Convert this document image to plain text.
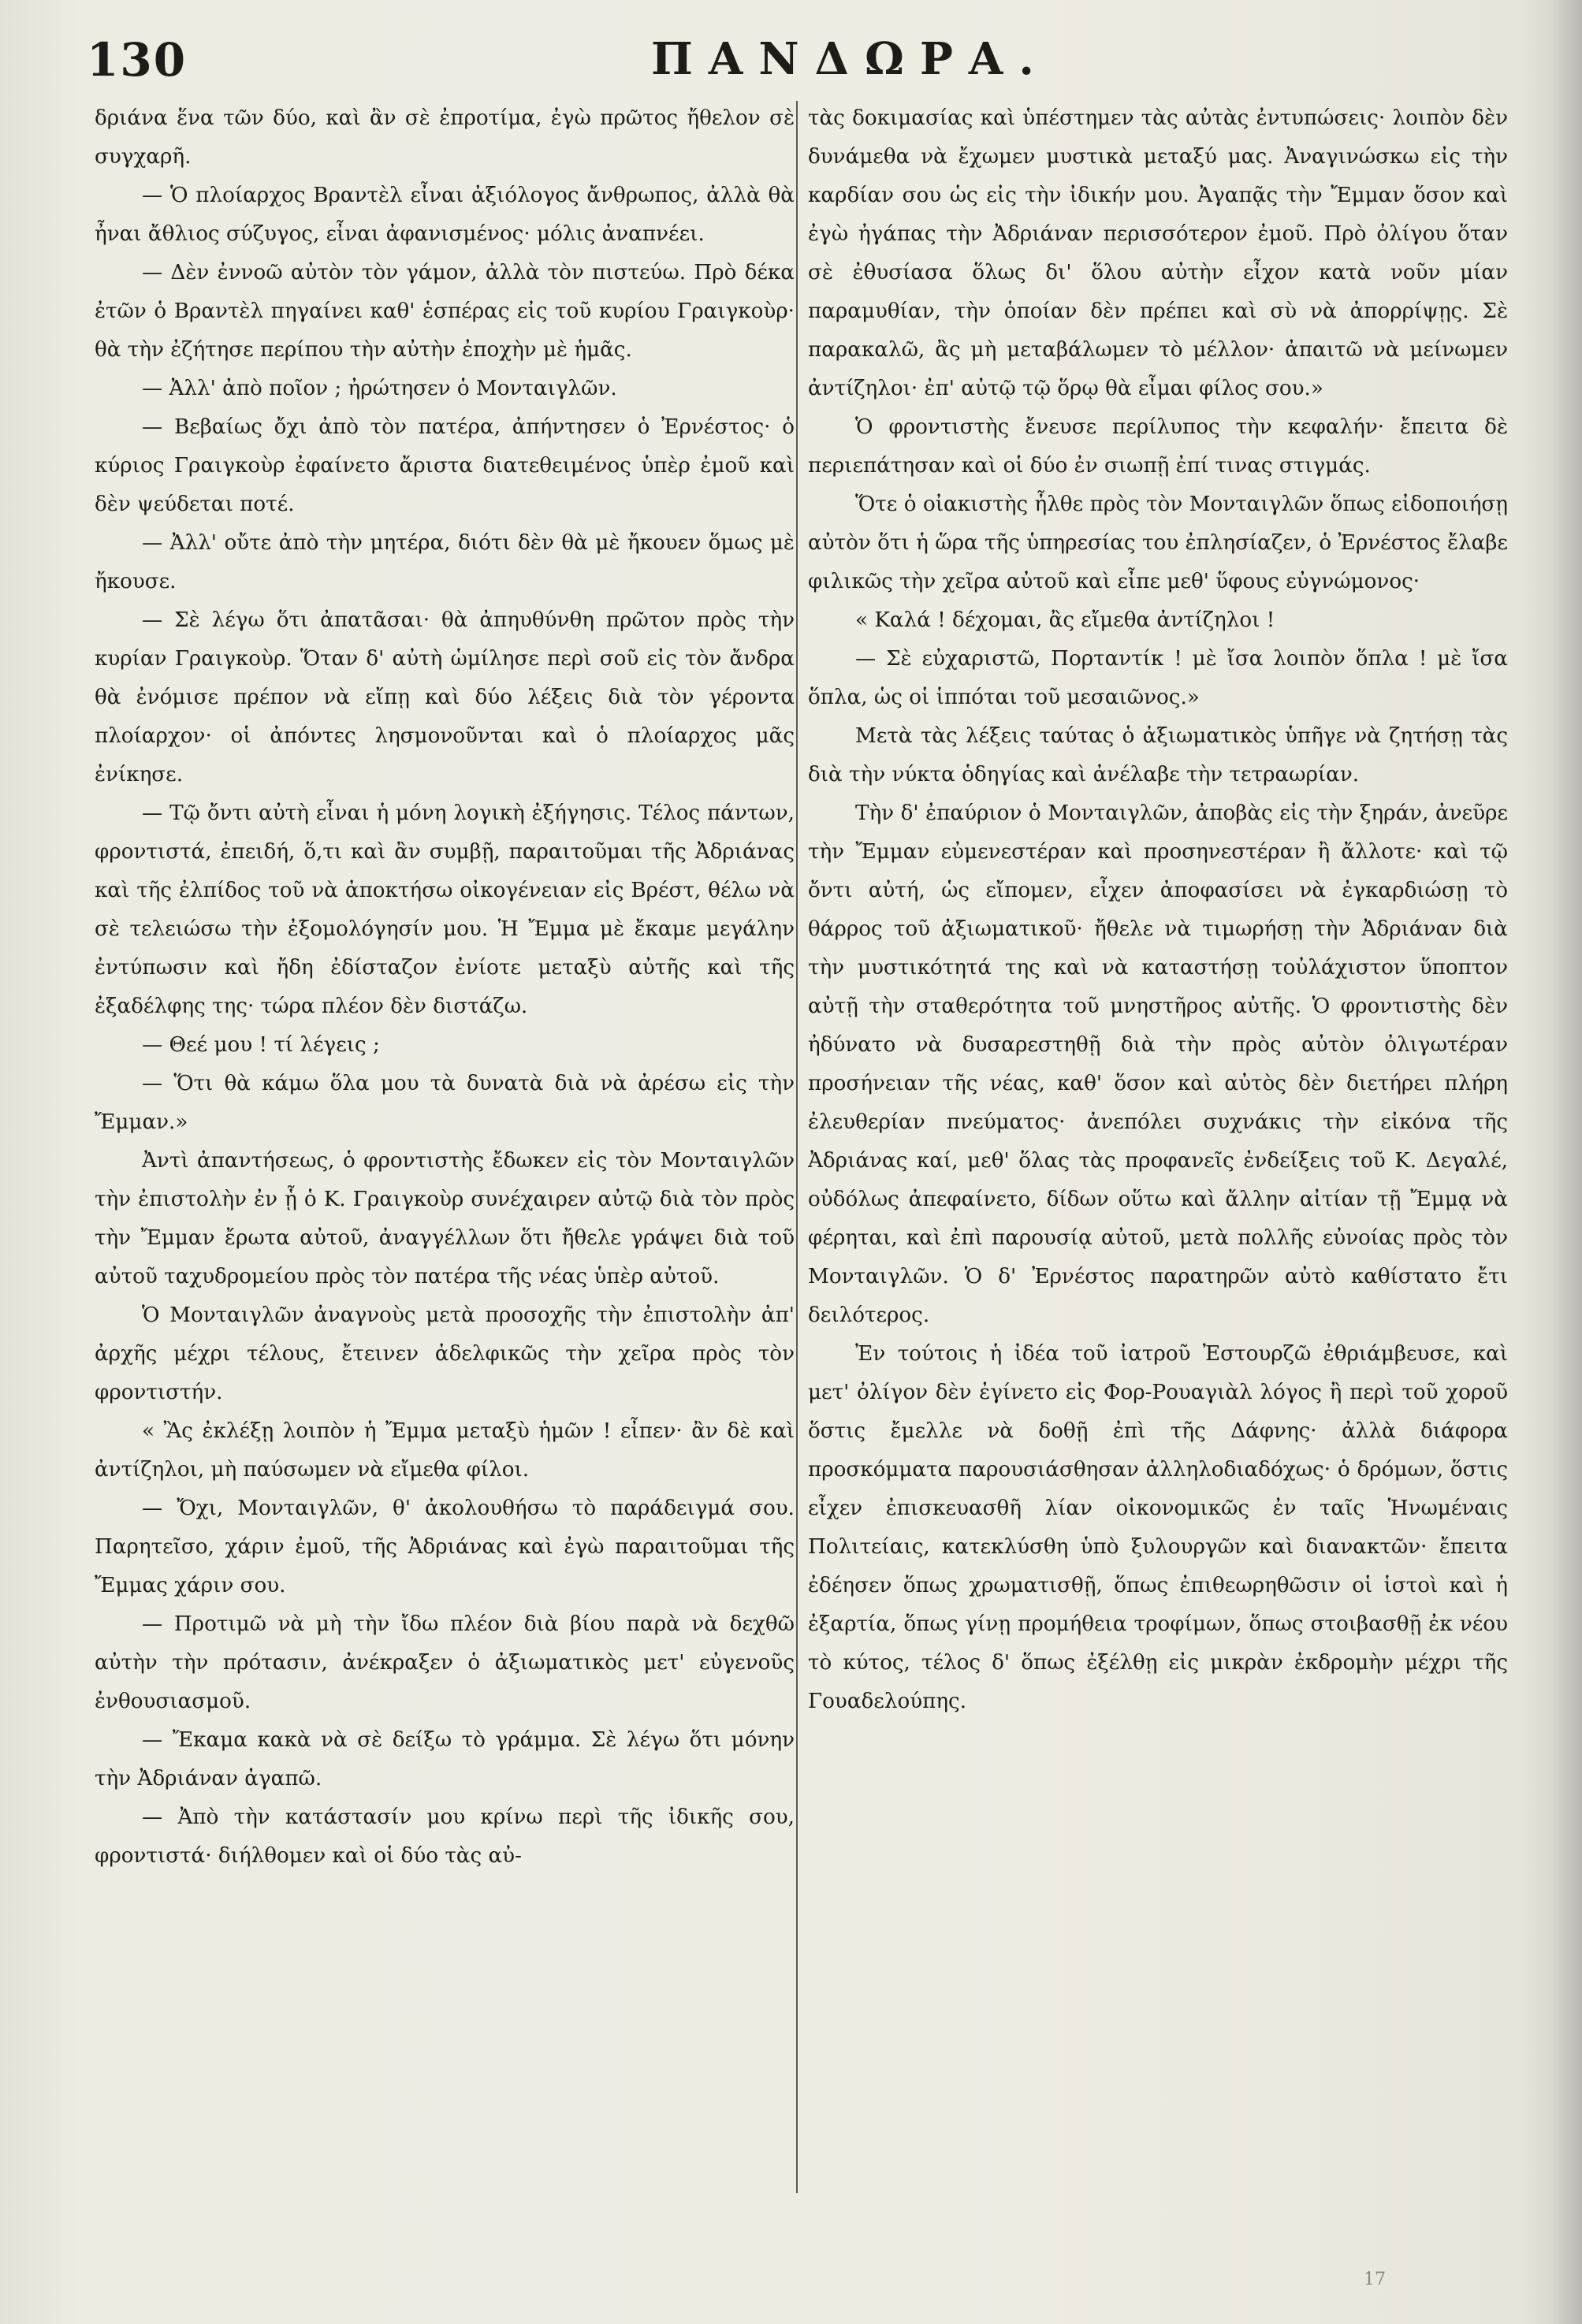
130	ΠΑΝΔΩΡΑ.

δριάνα ἕνα τῶν δύο, καὶ ἂν σὲ ἐπροτίμα, ἐγὼ πρῶτος ἤθελον σὲ συγχαρῆ.

— Ὁ πλοίαρχος Βραντὲλ εἶναι ἀξιόλογος ἄνθρωπος, ἀλλὰ θὰ ἦναι ἄθλιος σύζυγος, εἶναι ἀφανισμένος· μόλις ἀναπνέει.

— Δὲν ἐννοῶ αὐτὸν τὸν γάμον, ἀλλὰ τὸν πιστεύω. Πρὸ δέκα ἐτῶν ὁ Βραντὲλ πηγαίνει καθ' ἑσπέρας εἰς τοῦ κυρίου Γραιγκοὺρ· θὰ τὴν ἐζήτησε περίπου τὴν αὐτὴν ἐποχὴν μὲ ἡμᾶς.

— Ἀλλ' ἀπὸ ποῖον ; ἠρώτησεν ὁ Μονταιγλῶν.

— Βεβαίως ὄχι ἀπὸ τὸν πατέρα, ἀπήντησεν ὁ Ἐρνέστος· ὁ κύριος Γραιγκοὺρ ἐφαίνετο ἄριστα διατεθειμένος ὑπὲρ ἐμοῦ καὶ δὲν ψεύδεται ποτέ.

— Ἀλλ' οὔτε ἀπὸ τὴν μητέρα, διότι δὲν θὰ μὲ ἤκουεν ὅμως μὲ ἤκουσε.

— Σὲ λέγω ὅτι ἀπατᾶσαι· θὰ ἀπηυθύνθη πρῶτον πρὸς τὴν κυρίαν Γραιγκοὺρ. Ὅταν δ' αὐτὴ ὡμίλησε περὶ σοῦ εἰς τὸν ἄνδρα θὰ ἐνόμισε πρέπον νὰ εἴπῃ καὶ δύο λέξεις διὰ τὸν γέροντα πλοίαρχον· οἱ ἀπόντες λησμονοῦνται καὶ ὁ πλοίαρχος μᾶς ἐνίκησε.

— Τῷ ὄντι αὐτὴ εἶναι ἡ μόνη λογικὴ ἐξήγησις. Τέλος πάντων, φροντιστά, ἐπειδή, ὅ,τι καὶ ἂν συμβῇ, παραιτοῦμαι τῆς Ἀδριάνας καὶ τῆς ἐλπίδος τοῦ νὰ ἀποκτήσω οἰκογένειαν εἰς Βρέστ, θέλω νὰ σὲ τελειώσω τὴν ἐξομολόγησίν μου. Ἡ Ἔμμα μὲ ἔκαμε μεγάλην ἐντύπωσιν καὶ ἤδη ἐδίσταζον ἐνίοτε μεταξὺ αὐτῆς καὶ τῆς ἐξαδέλφης της· τώρα πλέον δὲν διστάζω.

— Θεέ μου ! τί λέγεις ;

— Ὅτι θὰ κάμω ὅλα μου τὰ δυνατὰ διὰ νὰ ἀρέσω εἰς τὴν Ἔμμαν.»

Ἀντὶ ἀπαντήσεως, ὁ φροντιστὴς ἔδωκεν εἰς τὸν Μονταιγλῶν τὴν ἐπιστολὴν ἐν ᾗ ὁ Κ. Γραιγκοὺρ συνέχαιρεν αὐτῷ διὰ τὸν πρὸς τὴν Ἔμμαν ἔρωτα αὐτοῦ, ἀναγγέλλων ὅτι ἤθελε γράψει διὰ τοῦ αὐτοῦ ταχυδρομείου πρὸς τὸν πατέρα τῆς νέας ὑπὲρ αὐτοῦ.

Ὁ Μονταιγλῶν ἀναγνοὺς μετὰ προσοχῆς τὴν ἐπιστολὴν ἀπ' ἀρχῆς μέχρι τέλους, ἔτεινεν ἀδελφικῶς τὴν χεῖρα πρὸς τὸν φροντιστήν.

« Ἂς ἐκλέξῃ λοιπὸν ἡ Ἔμμα μεταξὺ ἡμῶν ! εἶπεν· ἂν δὲ καὶ ἀντίζηλοι, μὴ παύσωμεν νὰ εἴμεθα φίλοι.

— Ὄχι, Μονταιγλῶν, θ' ἀκολουθήσω τὸ παράδειγμά σου. Παρητεῖσο, χάριν ἐμοῦ, τῆς Ἀδριάνας καὶ ἐγὼ παραιτοῦμαι τῆς Ἔμμας χάριν σου.

— Προτιμῶ νὰ μὴ τὴν ἴδω πλέον διὰ βίου παρὰ νὰ δεχθῶ αὐτὴν τὴν πρότασιν, ἀνέκραξεν ὁ ἀξιωματικὸς μετ' εὐγενοῦς ἐνθουσιασμοῦ.

— Ἔκαμα κακὰ νὰ σὲ δείξω τὸ γράμμα. Σὲ λέγω ὅτι μόνην τὴν Ἀδριάναν ἀγαπῶ.

— Ἀπὸ τὴν κατάστασίν μου κρίνω περὶ τῆς ἰδικῆς σου, φροντιστά· διήλθομεν καὶ οἱ δύο τὰς αὐ-

τὰς δοκιμασίας καὶ ὑπέστημεν τὰς αὐτὰς ἐντυπώσεις· λοιπὸν δὲν δυνάμεθα νὰ ἔχωμεν μυστικὰ μεταξύ μας. Ἀναγινώσκω εἰς τὴν καρδίαν σου ὡς εἰς τὴν ἰδικήν μου. Ἀγαπᾷς τὴν Ἔμμαν ὅσον καὶ ἐγὼ ἠγάπας τὴν Ἀδριάναν περισσότερον ἐμοῦ. Πρὸ ὀλίγου ὅταν σὲ ἐθυσίασα ὅλως δι' ὅλου αὐτὴν εἶχον κατὰ νοῦν μίαν παραμυθίαν, τὴν ὁποίαν δὲν πρέπει καὶ σὺ νὰ ἀπορρίψῃς. Σὲ παρακαλῶ, ἂς μὴ μεταβάλωμεν τὸ μέλλον· ἀπαιτῶ νὰ μείνωμεν ἀντίζηλοι· ἐπ' αὐτῷ τῷ ὅρῳ θὰ εἶμαι φίλος σου.»

Ὁ φροντιστὴς ἔνευσε περίλυπος τὴν κεφαλήν· ἔπειτα δὲ περιεπάτησαν καὶ οἱ δύο ἐν σιωπῇ ἐπί τινας στιγμάς.

Ὅτε ὁ οἰακιστὴς ἦλθε πρὸς τὸν Μονταιγλῶν ὅπως εἰδοποιήσῃ αὐτὸν ὅτι ἡ ὥρα τῆς ὑπηρεσίας του ἐπλησίαζεν, ὁ Ἐρνέστος ἔλαβε φιλικῶς τὴν χεῖρα αὐτοῦ καὶ εἶπε μεθ' ὕφους εὐγνώμονος·

« Καλά ! δέχομαι, ἂς εἴμεθα ἀντίζηλοι !

— Σὲ εὐχαριστῶ, Πορταντίκ ! μὲ ἴσα λοιπὸν ὅπλα ! μὲ ἴσα ὅπλα, ὡς οἱ ἱππόται τοῦ μεσαιῶνος.»

Μετὰ τὰς λέξεις ταύτας ὁ ἀξιωματικὸς ὑπῆγε νὰ ζητήσῃ τὰς διὰ τὴν νύκτα ὁδηγίας καὶ ἀνέλαβε τὴν τετραωρίαν.

Τὴν δ' ἐπαύριον ὁ Μονταιγλῶν, ἀποβὰς εἰς τὴν ξηράν, ἀνεῦρε τὴν Ἔμμαν εὐμενεστέραν καὶ προσηνεστέραν ἢ ἄλλοτε· καὶ τῷ ὄντι αὐτή, ὡς εἴπομεν, εἶχεν ἀποφασίσει νὰ ἐγκαρδιώσῃ τὸ θάρρος τοῦ ἀξιωματικοῦ· ἤθελε νὰ τιμωρήσῃ τὴν Ἀδριάναν διὰ τὴν μυστικότητά της καὶ νὰ καταστήσῃ τοὐλάχιστον ὕποπτον αὐτῇ τὴν σταθερότητα τοῦ μνηστῆρος αὐτῆς. Ὁ φροντιστὴς δὲν ἠδύνατο νὰ δυσαρεστηθῇ διὰ τὴν πρὸς αὐτὸν ὀλιγωτέραν προσήνειαν τῆς νέας, καθ' ὅσον καὶ αὐτὸς δὲν διετήρει πλήρη ἐλευθερίαν πνεύματος· ἀνεπόλει συχνάκις τὴν εἰκόνα τῆς Ἀδριάνας καί, μεθ' ὅλας τὰς προφανεῖς ἐνδείξεις τοῦ Κ. Δεγαλέ, οὐδόλως ἀπεφαίνετο, δίδων οὕτω καὶ ἄλλην αἰτίαν τῇ Ἔμμᾳ νὰ φέρηται, καὶ ἐπὶ παρουσίᾳ αὐτοῦ, μετὰ πολλῆς εὐνοίας πρὸς τὸν Μονταιγλῶν. Ὁ δ' Ἐρνέστος παρατηρῶν αὐτὸ καθίστατο ἔτι δειλότερος.

Ἐν τούτοις ἡ ἰδέα τοῦ ἰατροῦ Ἐστουρζῶ ἐθριάμβευσε, καὶ μετ' ὀλίγον δὲν ἐγίνετο εἰς Φορ-Ρουαγιὰλ λόγος ἢ περὶ τοῦ χοροῦ ὅστις ἔμελλε νὰ δοθῇ ἐπὶ τῆς Δάφνης· ἀλλὰ διάφορα προσκόμματα παρουσιάσθησαν ἀλληλοδιαδόχως· ὁ δρόμων, ὅστις εἶχεν ἐπισκευασθῆ λίαν οἰκονομικῶς ἐν ταῖς Ἡνωμέναις Πολιτείαις, κατεκλύσθη ὑπὸ ξυλουργῶν καὶ διανακτῶν· ἔπειτα ἐδέησεν ὅπως χρωματισθῇ, ὅπως ἐπιθεωρηθῶσιν οἱ ἱστοὶ καὶ ἡ ἐξαρτία, ὅπως γίνῃ προμήθεια τροφίμων, ὅπως στοιβασθῇ ἐκ νέου τὸ κύτος, τέλος δ' ὅπως ἐξέλθῃ εἰς μικρὰν ἐκδρομὴν μέχρι τῆς Γουαδελούπης.

17
